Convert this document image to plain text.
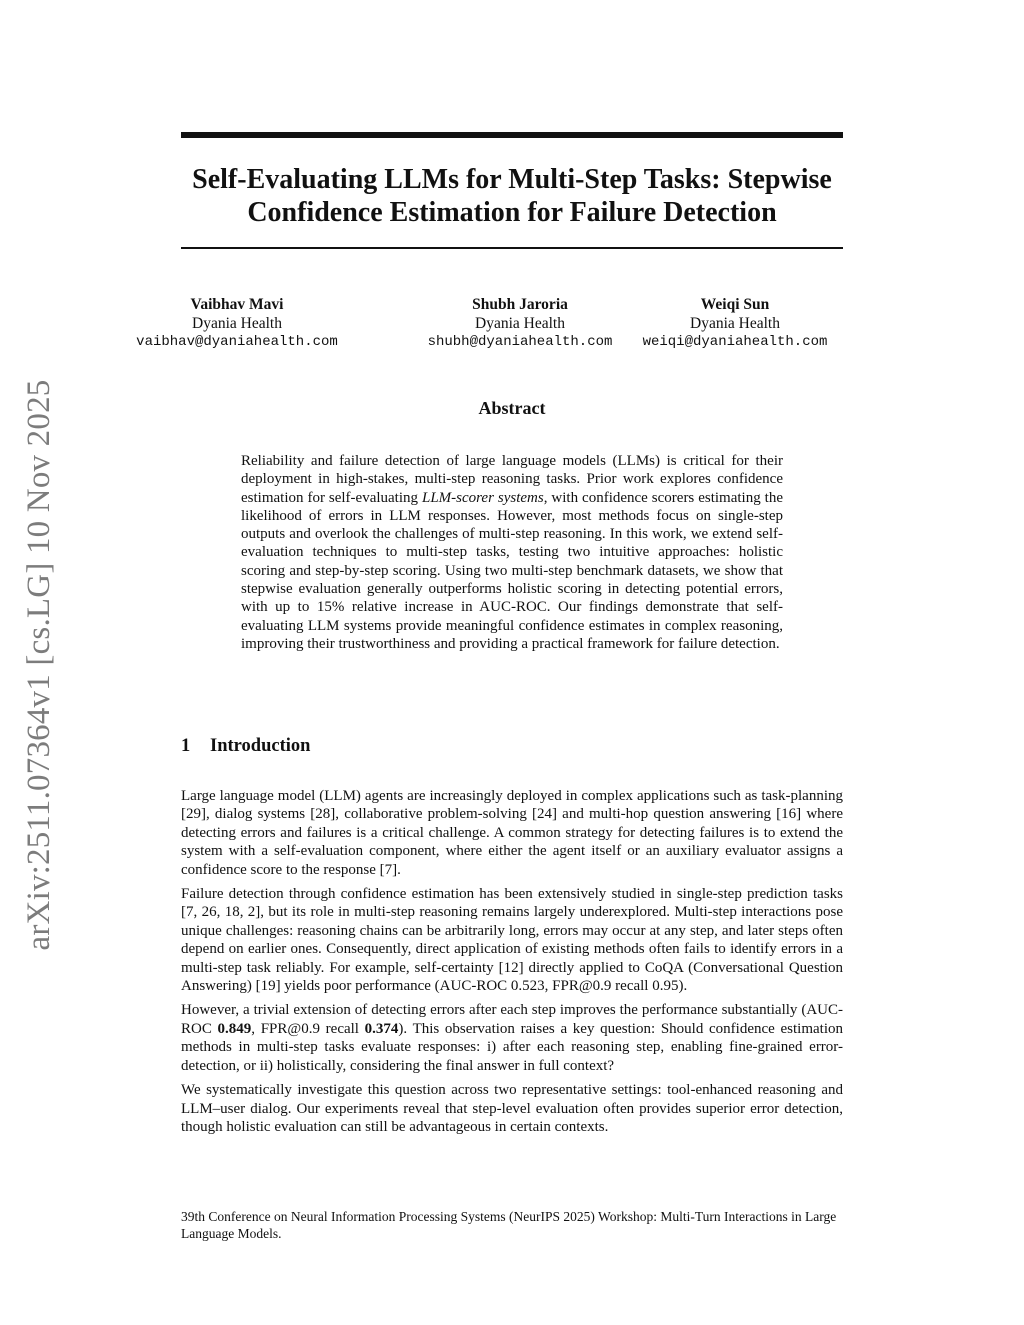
arXiv:2511.07364v1 [cs.LG] 10 Nov 2025
Self-Evaluating LLMs for Multi-Step Tasks: Stepwise
Confidence Estimation for Failure Detection
Vaibhav Mavi
Dyania Health
vaibhav@dyaniahealth.com
Shubh Jaroria
Dyania Health
shubh@dyaniahealth.com
Weiqi Sun
Dyania Health
weiqi@dyaniahealth.com
Abstract

Reliability and failure detection of large language models (LLMs) is critical for their deployment in high-stakes, multi-step reasoning tasks. Prior work explores confidence estimation for self-evaluating LLM-scorer systems, with confidence scorers estimating the likelihood of errors in LLM responses. However, most methods focus on single-step outputs and overlook the challenges of multi-step reasoning. In this work, we extend self-evaluation techniques to multi-step tasks, testing two intuitive approaches: holistic scoring and step-by-step scoring. Using two multi-step benchmark datasets, we show that stepwise evaluation generally outperforms holistic scoring in detecting potential errors, with up to 15% relative increase in AUC-ROC. Our findings demonstrate that self-evaluating LLM systems provide meaningful confidence estimates in complex reasoning, improving their trustworthiness and providing a practical framework for failure detection.

1 Introduction

Large language model (LLM) agents are increasingly deployed in complex applications such as task-planning [29], dialog systems [28], collaborative problem-solving [24] and multi-hop question answering [16] where detecting errors and failures is a critical challenge. A common strategy for detecting failures is to extend the system with a self-evaluation component, where either the agent itself or an auxiliary evaluator assigns a confidence score to the response [7].

Failure detection through confidence estimation has been extensively studied in single-step prediction tasks [7, 26, 18, 2], but its role in multi-step reasoning remains largely underexplored. Multi-step interactions pose unique challenges: reasoning chains can be arbitrarily long, errors may occur at any step, and later steps often depend on earlier ones. Consequently, direct application of existing methods often fails to identify errors in a multi-step task reliably. For example, self-certainty [12] directly applied to CoQA (Conversational Question Answering) [19] yields poor performance (AUC-ROC 0.523, FPR@0.9 recall 0.95).

However, a trivial extension of detecting errors after each step improves the performance substantially (AUC-ROC 0.849, FPR@0.9 recall 0.374). This observation raises a key question: Should confidence estimation methods in multi-step tasks evaluate responses: i) after each reasoning step, enabling fine-grained error-detection, or ii) holistically, considering the final answer in full context?

We systematically investigate this question across two representative settings: tool-enhanced reasoning and LLM–user dialog. Our experiments reveal that step-level evaluation often provides superior error detection, though holistic evaluation can still be advantageous in certain contexts.

39th Conference on Neural Information Processing Systems (NeurIPS 2025) Workshop: Multi-Turn Interactions in Large Language Models.
